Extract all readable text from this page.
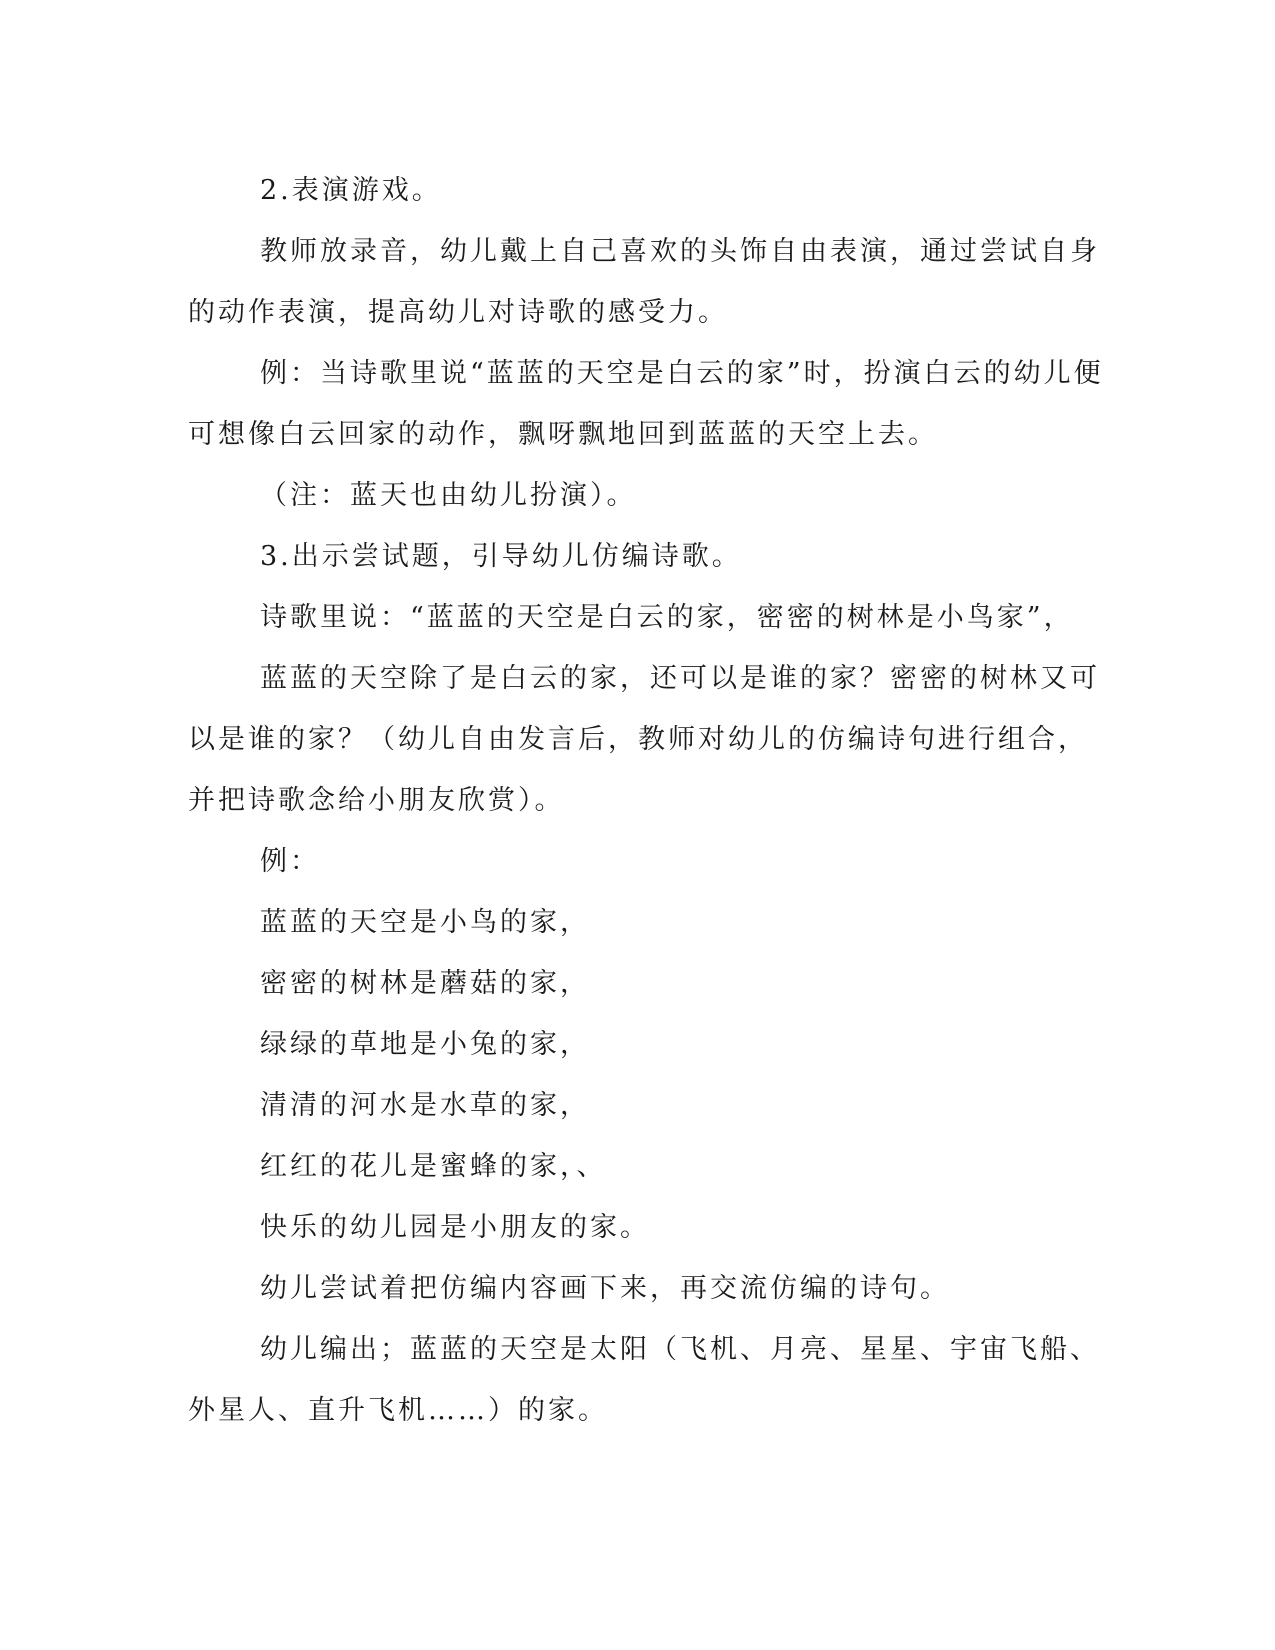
2.表演游戏。

教师放录音，幼儿戴上自己喜欢的头饰自由表演，通过尝试自身

的动作表演，提高幼儿对诗歌的感受力。

例：当诗歌里说“蓝蓝的天空是白云的家”时，扮演白云的幼儿便

可想像白云回家的动作，飘呀飘地回到蓝蓝的天空上去。

（注：蓝天也由幼儿扮演）。

3.出示尝试题，引导幼儿仿编诗歌。

诗歌里说：“蓝蓝的天空是白云的家，密密的树林是小鸟家”，

蓝蓝的天空除了是白云的家，还可以是谁的家？密密的树林又可

以是谁的家？（幼儿自由发言后，教师对幼儿的仿编诗句进行组合，

并把诗歌念给小朋友欣赏）。

例：

蓝蓝的天空是小鸟的家，

密密的树林是蘑菇的家，

绿绿的草地是小兔的家，

清清的河水是水草的家，

红红的花儿是蜜蜂的家，、

快乐的幼儿园是小朋友的家。

幼儿尝试着把仿编内容画下来，再交流仿编的诗句。

幼儿编出；蓝蓝的天空是太阳（飞机、月亮、星星、宇宙飞船、

外星人、直升飞机……）的家。
